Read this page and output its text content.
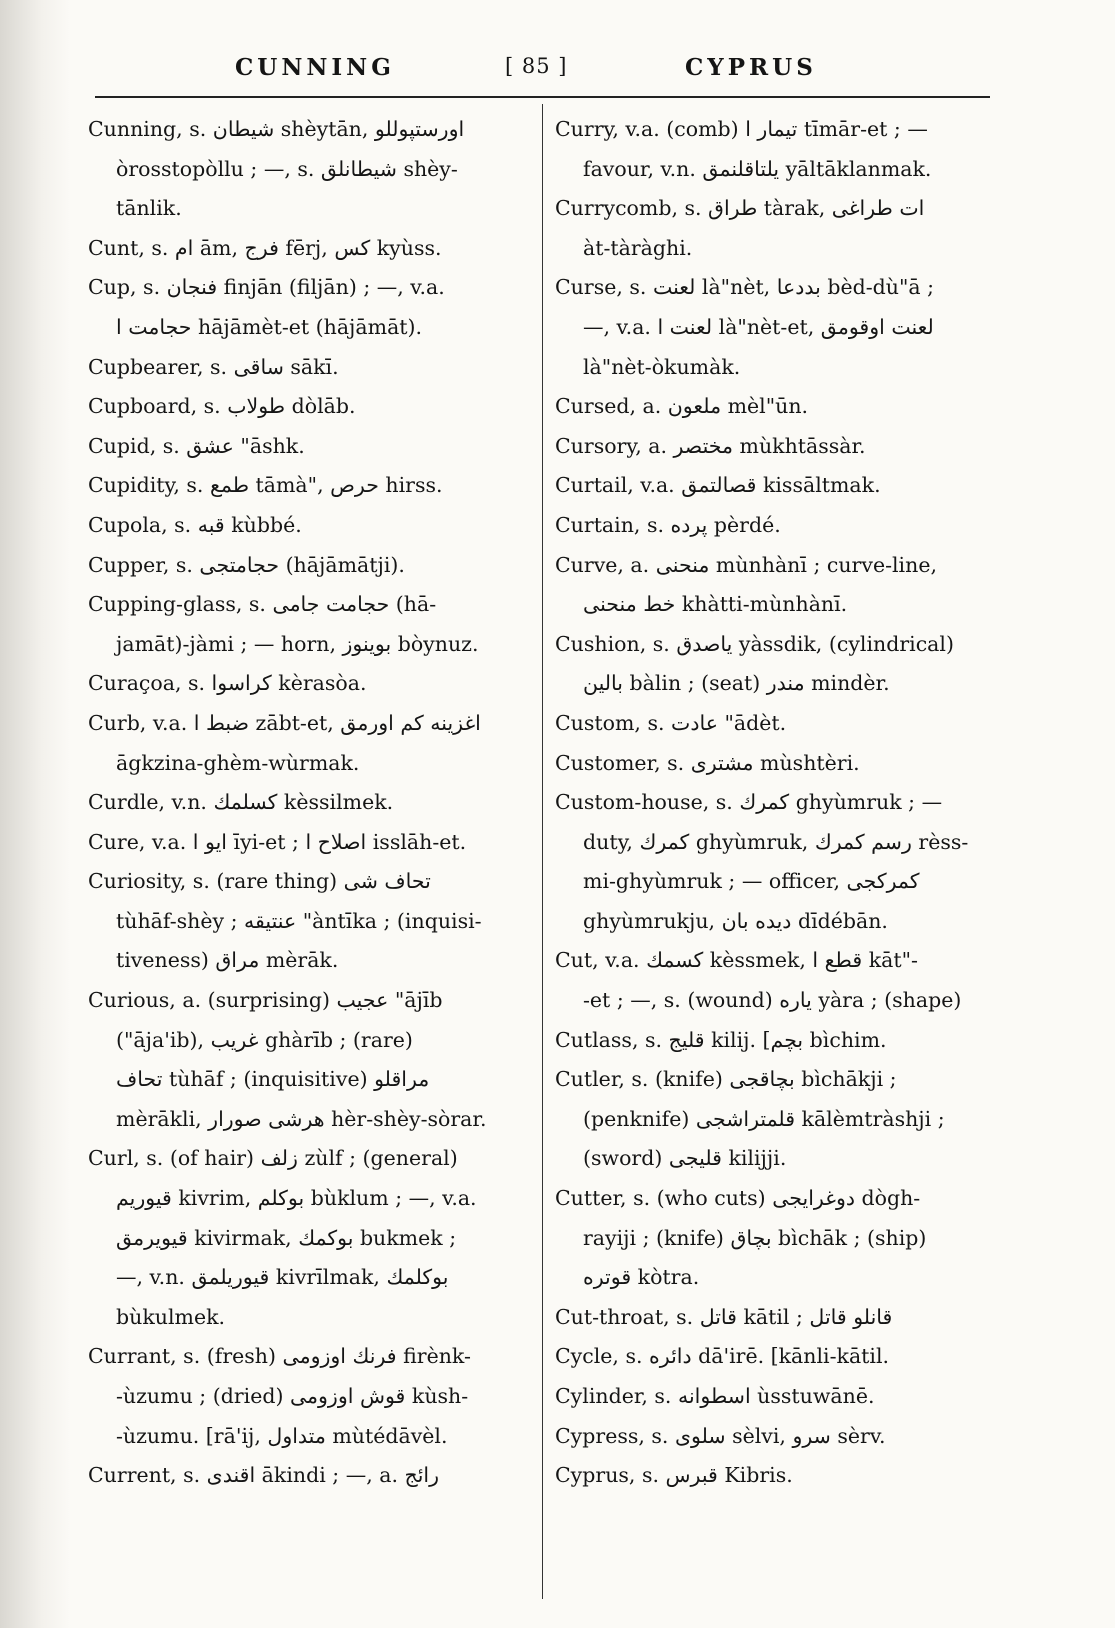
CUNNING	[ 85 ]	CYPRUS
Cunning, s. شیطان shèytān, اورستپوللو
òrosstopòllu ; —, s. شیطانلق shèy-
tānlik.
Cunt, s. ام ām, فرج fērj, کس kyùss.
Cup, s. فنجان finjān (filjān) ; —, v.a.
حجامت ا hājāmèt-et (hājāmāt).
Cupbearer, s. ساقی sākī.
Cupboard, s. طولاب dòlāb.
Cupid, s. عشق "āshk.
Cupidity, s. طمع tāmà", حرص hirss.
Cupola, s. قبه kùbbé.
Cupper, s. حجامتجی (hājāmātji).
Cupping-glass, s. حجامت جامی (hā-
jamāt)-jàmi ; — horn, بوینوز bòynuz.
Curaçoa, s. کراسوا kèrasòa.
Curb, v.a. ضبط ا zābt-et, اغزینه کم اورمق
āgkzina-ghèm-wùrmak.
Curdle, v.n. کسلمك kèssilmek.
Cure, v.a. ایو ا īyi-et ; اصلاح ا isslāh-et.
Curiosity, s. (rare thing) تحاف شی
tùhāf-shèy ; عنتیقه "àntīka ; (inquisi-
tiveness) مراق mèrāk.
Curious, a. (surprising) عجیب "ājīb
("āja'ib), غریب ghàrīb ; (rare)
تحاف tùhāf ; (inquisitive) مراقلو
mèrākli, هرشی صورار hèr-shèy-sòrar.
Curl, s. (of hair) زلف zùlf ; (general)
قیوریم kivrim, بوکلم bùklum ; —, v.a.
قیویرمق kivirmak, بوکمك bukmek ;
—, v.n. قیوریلمق kivrīlmak, بوکلمك
bùkulmek.
Currant, s. (fresh) فرنك اوزومی firènk-
-ùzumu ; (dried) قوش اوزومی kùsh-
-ùzumu. [rā'ij, متداول mùtédāvèl.
Current, s. اقندی ākindi ; —, a. رائج
Curry, v.a. (comb) تیمار ا tīmār-et ; —
favour, v.n. یلتاقلنمق yāltāklanmak.
Currycomb, s. طراق tàrak, ات طراغی
àt-tàràghi.
Curse, s. لعنت là"nèt, بددعا bèd-dù"ā ;
—, v.a. لعنت ا là"nèt-et, لعنت اوقومق
là"nèt-òkumàk.
Cursed, a. ملعون mèl"ūn.
Cursory, a. مختصر mùkhtāssàr.
Curtail, v.a. قصالتمق kissāltmak.
Curtain, s. پرده pèrdé.
Curve, a. منحنی mùnhànī ; curve-line,
خط منحنی khàtti-mùnhànī.
Cushion, s. یاصدق yàssdik, (cylindrical)
بالین bàlin ; (seat) مندر mindèr.
Custom, s. عادت "ādèt.
Customer, s. مشتری mùshtèri.
Custom-house, s. کمرك ghyùmruk ; —
duty, کمرك ghyùmruk, رسم کمرك rèss-
mi-ghyùmruk ; — officer, کمرکجی
ghyùmrukju, دیده بان dīdébān.
Cut, v.a. کسمك kèssmek, قطع ا kāt"-
-et ; —, s. (wound) یاره yàra ; (shape)
Cutlass, s. قلیج kilij. [بچم bìchim.
Cutler, s. (knife) بچاقجی bìchākji ;
(penknife) قلمتراشجی kālèmtràshji ;
(sword) قلیجی kilijji.
Cutter, s. (who cuts) دوغرایجی dògh-
rayiji ; (knife) بچاق bìchāk ; (ship)
قوتره kòtra.
Cut-throat, s. قاتل kātil ; قانلو قاتل
Cycle, s. دائره dā'irē. [kānli-kātil.
Cylinder, s. اسطوانه ùsstuwānē.
Cypress, s. سلوی sèlvi, سرو sèrv.
Cyprus, s. قبرس Kibris.
